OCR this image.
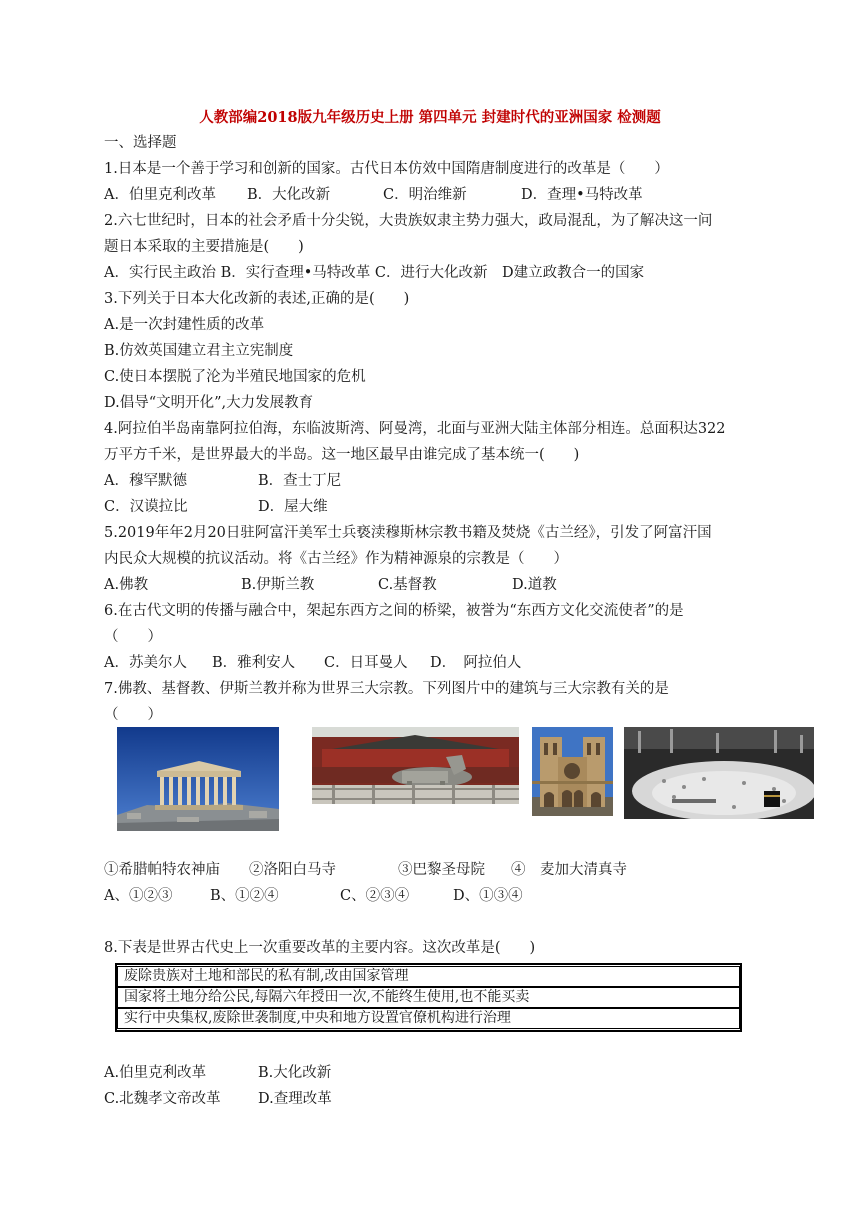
人教部编2018版九年级历史上册 第四单元 封建时代的亚洲国家 检测题
一、选择题
1.日本是一个善于学习和创新的国家。古代日本仿效中国隋唐制度进行的改革是（　　）
A．伯里克利改革 B．大化改新	C．明治维新	D．查理•马特改革
2.六七世纪时，日本的社会矛盾十分尖锐，大贵族奴隶主势力强大，政局混乱，为了解决这一问
题日本采取的主要措施是(　　)
A．实行民主政治 B．实行查理•马特改革 C．进行大化改新　D建立政教合一的国家
3.下列关于日本大化改新的表述,正确的是(　　)
A.是一次封建性质的改革
B.仿效英国建立君主立宪制度
C.使日本摆脱了沦为半殖民地国家的危机
D.倡导“文明开化”,大力发展教育
4.阿拉伯半岛南靠阿拉伯海，东临波斯湾、阿曼湾，北面与亚洲大陆主体部分相连。总面积达322
万平方千米，是世界最大的半岛。这一地区最早由谁完成了基本统一(　　)
A．穆罕默德	B．查士丁尼
C．汉谟拉比	D．屋大维
5.2019年年2月20日驻阿富汗美军士兵亵渎穆斯林宗教书籍及焚烧《古兰经》，引发了阿富汗国
内民众大规模的抗议活动。将《古兰经》作为精神源泉的宗教是（　　）
A.佛教	B.伊斯兰教	C.基督教	D.道教
6.在古代文明的传播与融合中，架起东西方之间的桥梁，被誉为“东西方文化交流使者”的是
（　　）
A．苏美尔人 B．雅利安人 C．日耳曼人 D．　阿拉伯人
7.佛教、基督教、伊斯兰教并称为世界三大宗教。下列图片中的建筑与三大宗教有关的是
（　　）
①希腊帕特农神庙 ②洛阳白马寺	③巴黎圣母院 ④　麦加大清真寺
A、①②③	B、①②④	C、②③④	D、①③④
8.下表是世界古代史上一次重要改革的主要内容。这次改革是(　　)
废除贵族对土地和部民的私有制,改由国家管理
国家将土地分给公民,每隔六年授田一次,不能终生使用,也不能买卖
实行中央集权,废除世袭制度,中央和地方设置官僚机构进行治理
A.伯里克利改革	B.大化改新
C.北魏孝文帝改革	D.查理改革
